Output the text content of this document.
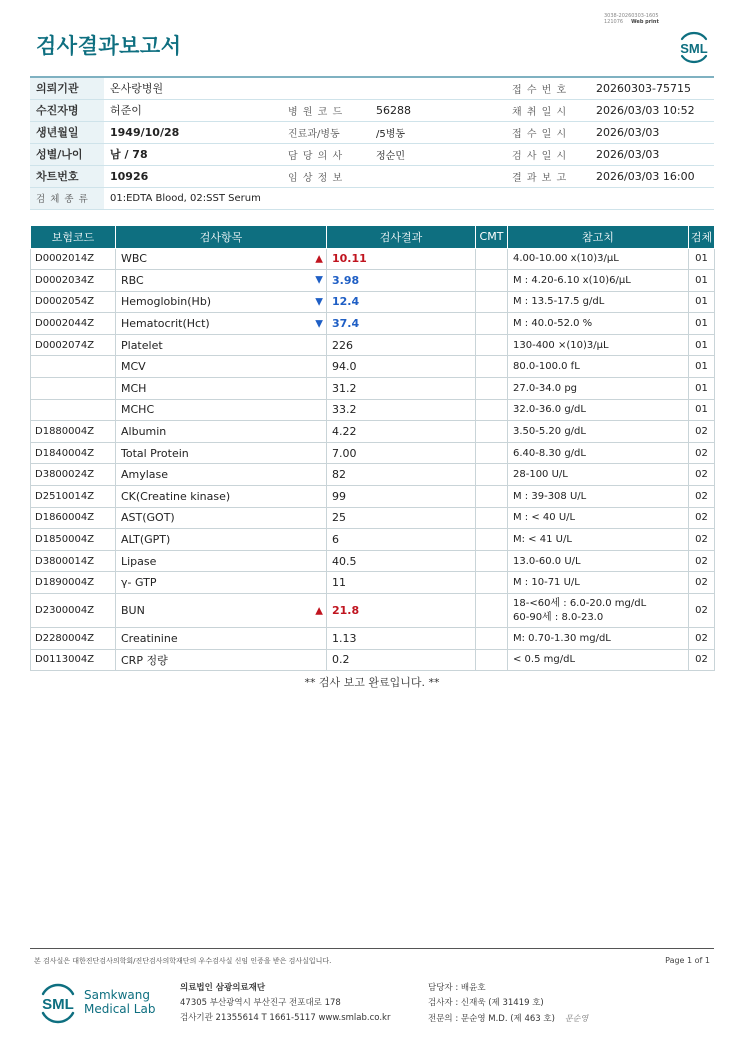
검사결과보고서
3038-20260303-1605
121076 Web print
SML
의뢰기관	온사랑병원			접 수 번 호	20260303-75715
수진자명	허준이	병 원 코 드	56288	채 취 일 시	2026/03/03 10:52
생년월일	1949/10/28	진료과/병동	/5병동	접 수 일 시	2026/03/03
성별/나이	남 / 78	담 당 의 사	정순민	검 사 일 시	2026/03/03
차트번호	10926	임 상 정 보		결 과 보 고	2026/03/03 16:00
검 체 종 류	01:EDTA Blood, 02:SST Serum				
보험코드	검사항목	검사결과	CMT	참고치	검체
D0002014Z	WBC ▲	10.11		4.00-10.00 x(10)3/μL	01
D0002034Z	RBC ▼	3.98		M : 4.20-6.10 x(10)6/μL	01
D0002054Z	Hemoglobin(Hb) ▼	12.4		M : 13.5-17.5 g/dL	01
D0002044Z	Hematocrit(Hct) ▼	37.4		M : 40.0-52.0 %	01
D0002074Z	Platelet	226		130-400 ×(10)3/μL	01
	MCV	94.0		80.0-100.0 fL	01
	MCH	31.2		27.0-34.0 pg	01
	MCHC	33.2		32.0-36.0 g/dL	01
D1880004Z	Albumin	4.22		3.50-5.20 g/dL	02
D1840004Z	Total Protein	7.00		6.40-8.30 g/dL	02
D3800024Z	Amylase	82		28-100 U/L	02
D2510014Z	CK(Creatine kinase)	99		M : 39-308 U/L	02
D1860004Z	AST(GOT)	25		M : < 40 U/L	02
D1850004Z	ALT(GPT)	6		M: < 41 U/L	02
D3800014Z	Lipase	40.5		13.0-60.0 U/L	02
D1890004Z	γ- GTP	11		M : 10-71 U/L	02
D2300004Z	BUN ▲	21.8		18-<60세 : 6.0-20.0 mg/dL
60-90세 : 8.0-23.0	02
D2280004Z	Creatinine	1.13		M: 0.70-1.30 mg/dL	02
D0113004Z	CRP 정량	0.2		< 0.5 mg/dL	02
** 검사 보고 완료입니다. **
본 검사실은 대한진단검사의학회/진단검사의학재단의 우수검사실 신임 인증을 받은 검사실입니다.	Page 1 of 1
SML
Samkwang
Medical Lab
의료법인 삼광의료재단
47305 부산광역시 부산진구 전포대로 178
검사기관 21355614 T 1661-5117 www.smlab.co.kr
담당자 : 배윤호
검사자 : 신재욱 (제 31419 호)
전문의 : 문순영 M.D. (제 463 호) 문순영
